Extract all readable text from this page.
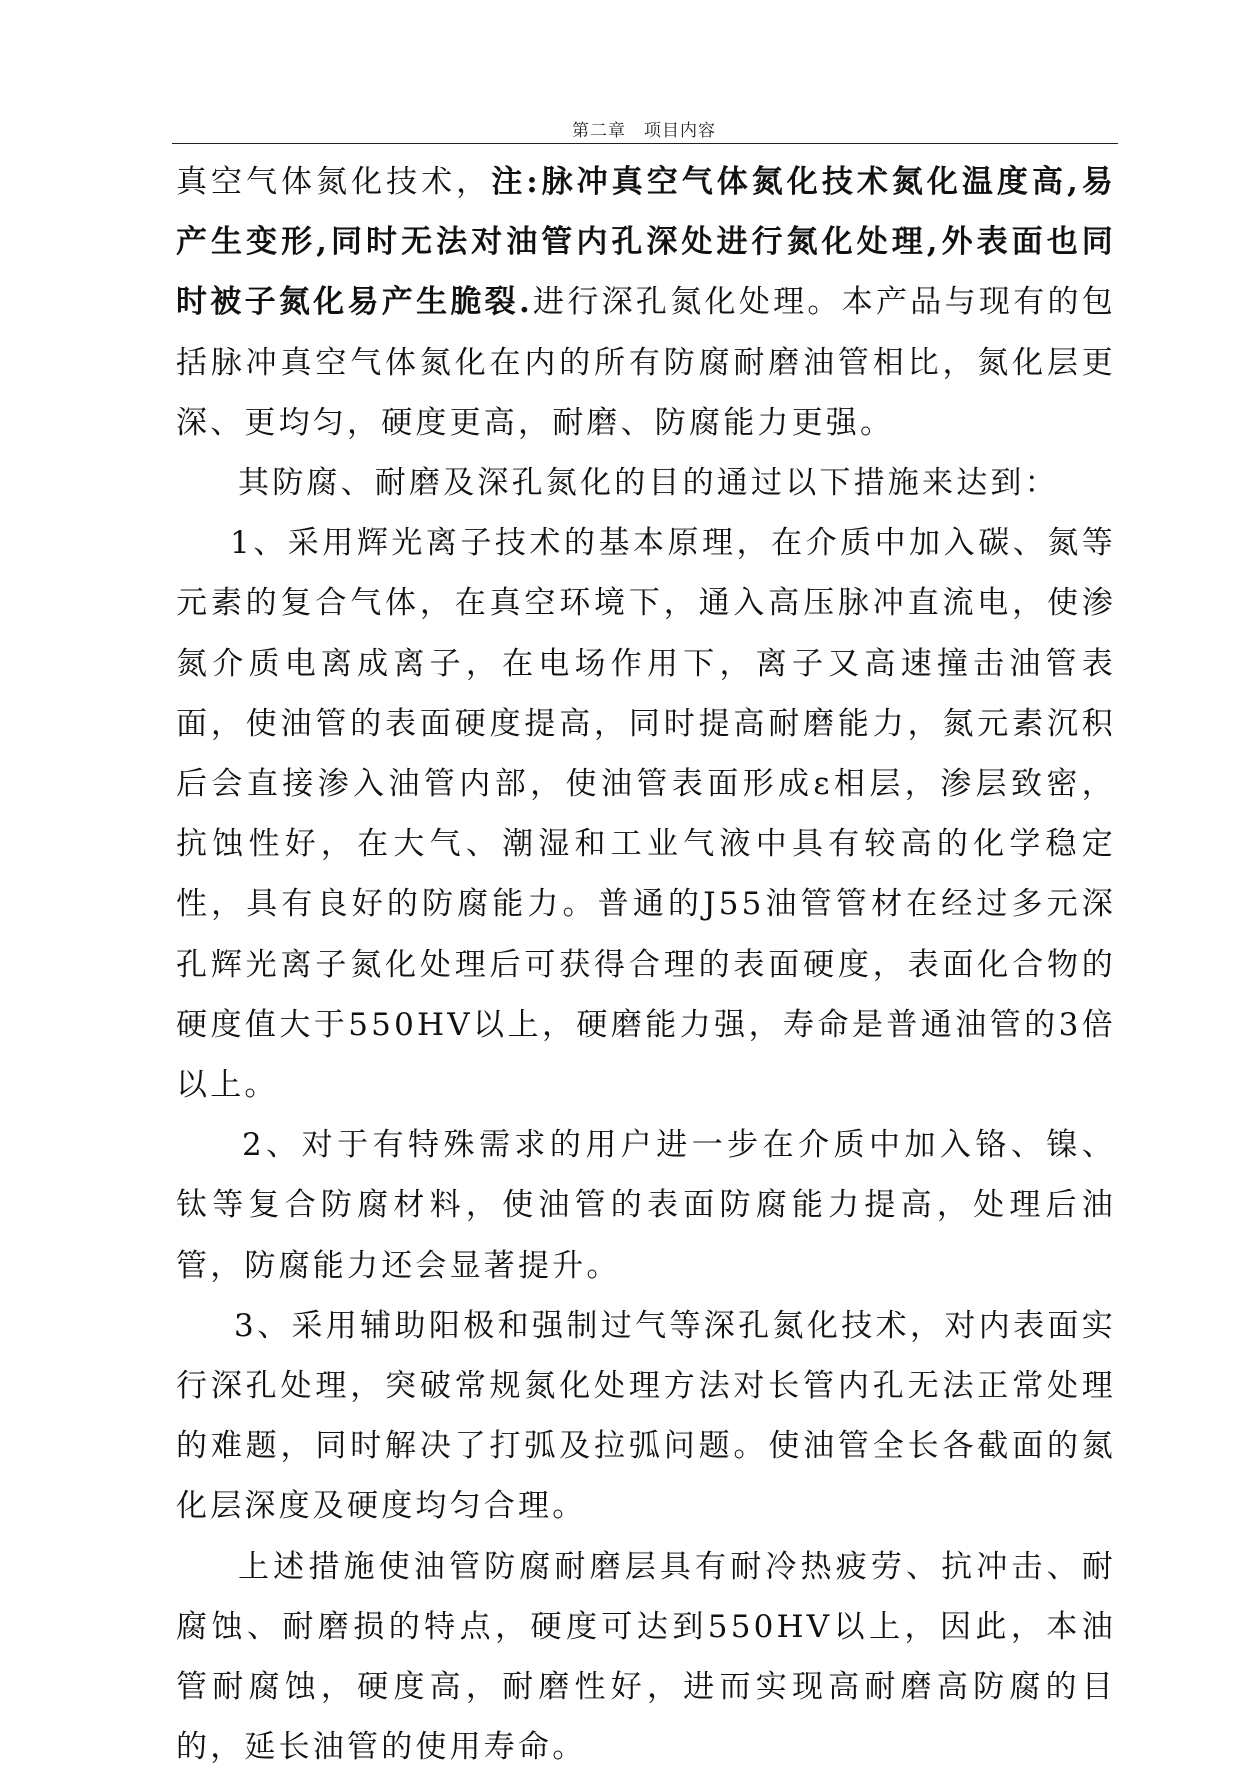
第二章　项目内容

真空气体氮化技术，注:脉冲真空气体氮化技术氮化温度高,易产生变形,同时无法对油管内孔深处进行氮化处理,外表面也同时被子氮化易产生脆裂.进行深孔氮化处理。本产品与现有的包括脉冲真空气体氮化在内的所有防腐耐磨油管相比，氮化层更深、更均匀，硬度更高，耐磨、防腐能力更强。

其防腐、耐磨及深孔氮化的目的通过以下措施来达到：

1、采用辉光离子技术的基本原理，在介质中加入碳、氮等元素的复合气体，在真空环境下，通入高压脉冲直流电，使渗氮介质电离成离子，在电场作用下，离子又高速撞击油管表面，使油管的表面硬度提高，同时提高耐磨能力，氮元素沉积后会直接渗入油管内部，使油管表面形成ε相层，渗层致密，抗蚀性好，在大气、潮湿和工业气液中具有较高的化学稳定性，具有良好的防腐能力。普通的J55油管管材在经过多元深孔辉光离子氮化处理后可获得合理的表面硬度，表面化合物的硬度值大于550HV以上，硬磨能力强，寿命是普通油管的3倍以上。

2、对于有特殊需求的用户进一步在介质中加入铬、镍、钛等复合防腐材料，使油管的表面防腐能力提高，处理后油管，防腐能力还会显著提升。

3、采用辅助阳极和强制过气等深孔氮化技术，对内表面实行深孔处理，突破常规氮化处理方法对长管内孔无法正常处理的难题，同时解决了打弧及拉弧问题。使油管全长各截面的氮化层深度及硬度均匀合理。

上述措施使油管防腐耐磨层具有耐冷热疲劳、抗冲击、耐腐蚀、耐磨损的特点，硬度可达到550HV以上，因此，本油管耐腐蚀，硬度高，耐磨性好，进而实现高耐磨高防腐的目的，延长油管的使用寿命。
